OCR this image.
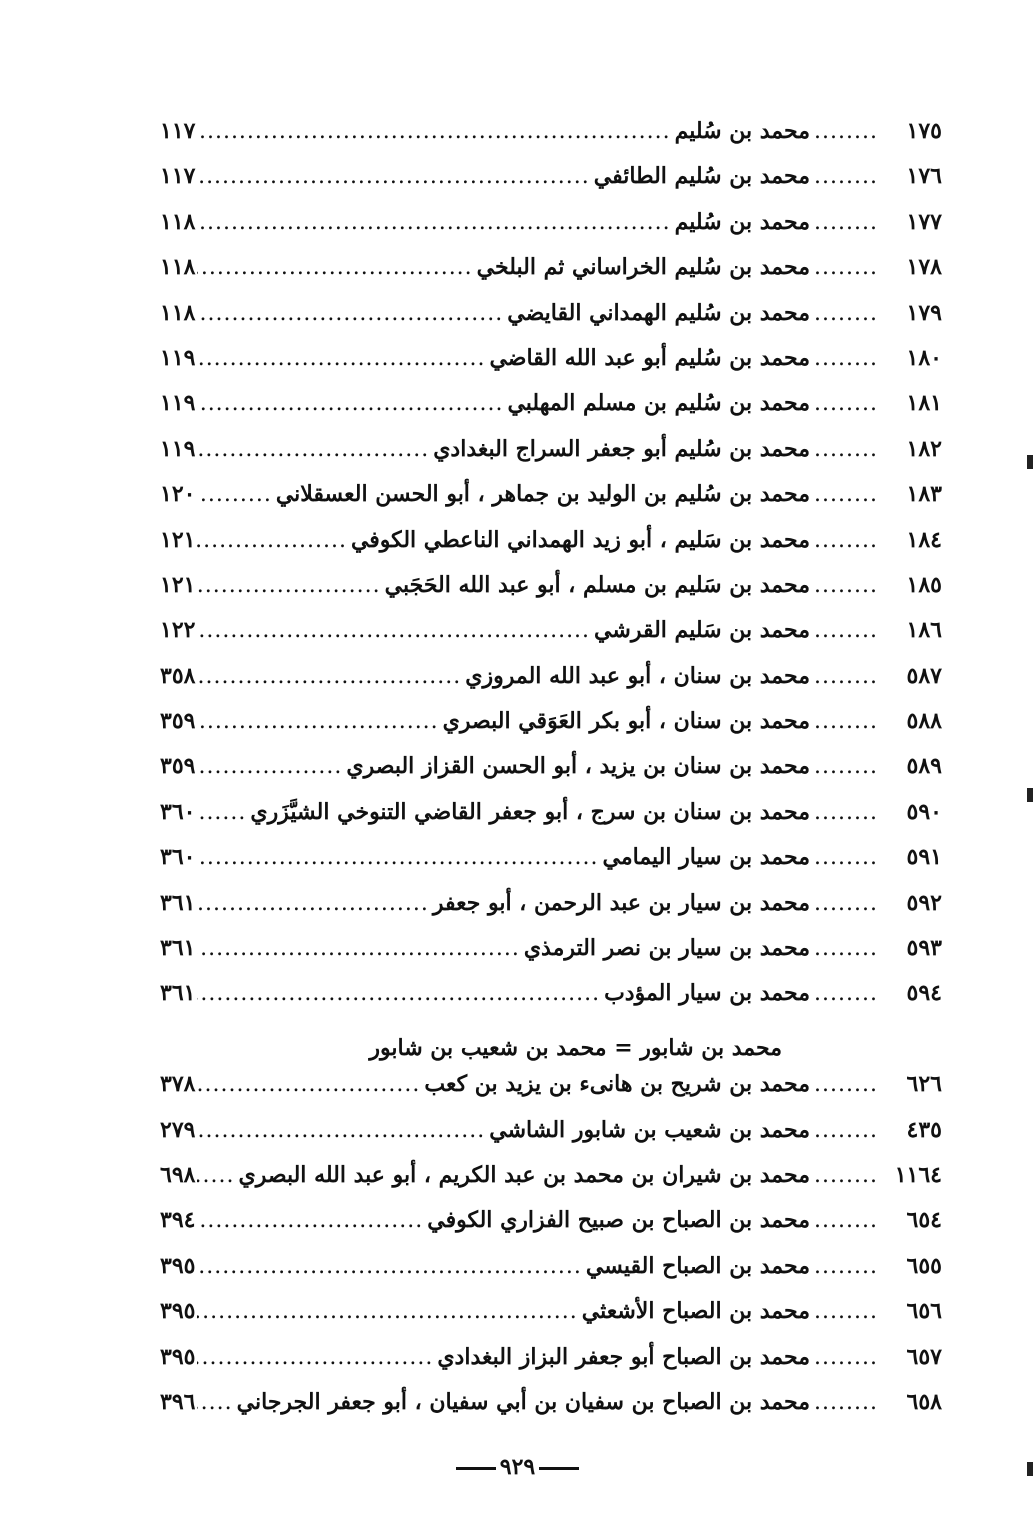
١٧٥
........
محمد بن سُليم
.....
١١٧
١٧٦
........
محمد بن سُليم الطائفي
.....
١١٧
١٧٧
........
محمد بن سُليم
.....
١١٨
١٧٨
........
محمد بن سُليم الخراساني ثم البلخي
.....
١١٨
١٧٩
........
محمد بن سُليم الهمداني القايضي
.....
١١٨
١٨٠
........
محمد بن سُليم أبو عبد الله القاضي
.....
١١٩
١٨١
........
محمد بن سُليم بن مسلم المهلبي
.....
١١٩
١٨٢
........
محمد بن سُليم أبو جعفر السراج البغدادي
.....
١١٩
١٨٣
........
محمد بن سُليم بن الوليد بن جماهر ، أبو الحسن العسقلاني
.....
١٢٠
١٨٤
........
محمد بن سَليم ، أبو زيد الهمداني الناعطي الكوفي
.....
١٢١
١٨٥
........
محمد بن سَليم بن مسلم ، أبو عبد الله الحَجَبي
.....
١٢١
١٨٦
........
محمد بن سَليم القرشي
.....
١٢٢
٥٨٧
........
محمد بن سنان ، أبو عبد الله المروزي
.....
٣٥٨
٥٨٨
........
محمد بن سنان ، أبو بكر العَوَقي البصري
.....
٣٥٩
٥٨٩
........
محمد بن سنان بن يزيد ، أبو الحسن القزاز البصري
.....
٣٥٩
٥٩٠
........
محمد بن سنان بن سرج ، أبو جعفر القاضي التنوخي الشيَّزَري
.....
٣٦٠
٥٩١
........
محمد بن سيار اليمامي
.....
٣٦٠
٥٩٢
........
محمد بن سيار بن عبد الرحمن ، أبو جعفر
.....
٣٦١
٥٩٣
........
محمد بن سيار بن نصر الترمذي
.....
٣٦١
٥٩٤
........
محمد بن سيار المؤدب
.....
٣٦١
محمد بن شابور = محمد بن شعيب بن شابور
٦٢٦
........
محمد بن شريح بن هانىء بن يزيد بن كعب
.....
٣٧٨
٤٣٥
........
محمد بن شعيب بن شابور الشاشي
.....
٢٧٩
١١٦٤
........
محمد بن شيران بن محمد بن عبد الكريم ، أبو عبد الله البصري
.....
٦٩٨
٦٥٤
........
محمد بن الصباح بن صبيح الفزاري الكوفي
.....
٣٩٤
٦٥٥
........
محمد بن الصباح القيسي
.....
٣٩٥
٦٥٦
........
محمد بن الصباح الأشعثي
.....
٣٩٥
٦٥٧
........
محمد بن الصباح أبو جعفر البزاز البغدادي
.....
٣٩٥
٦٥٨
........
محمد بن الصباح بن سفيان بن أبي سفيان ، أبو جعفر الجرجاني
.....
٣٩٦
٩٢٩
